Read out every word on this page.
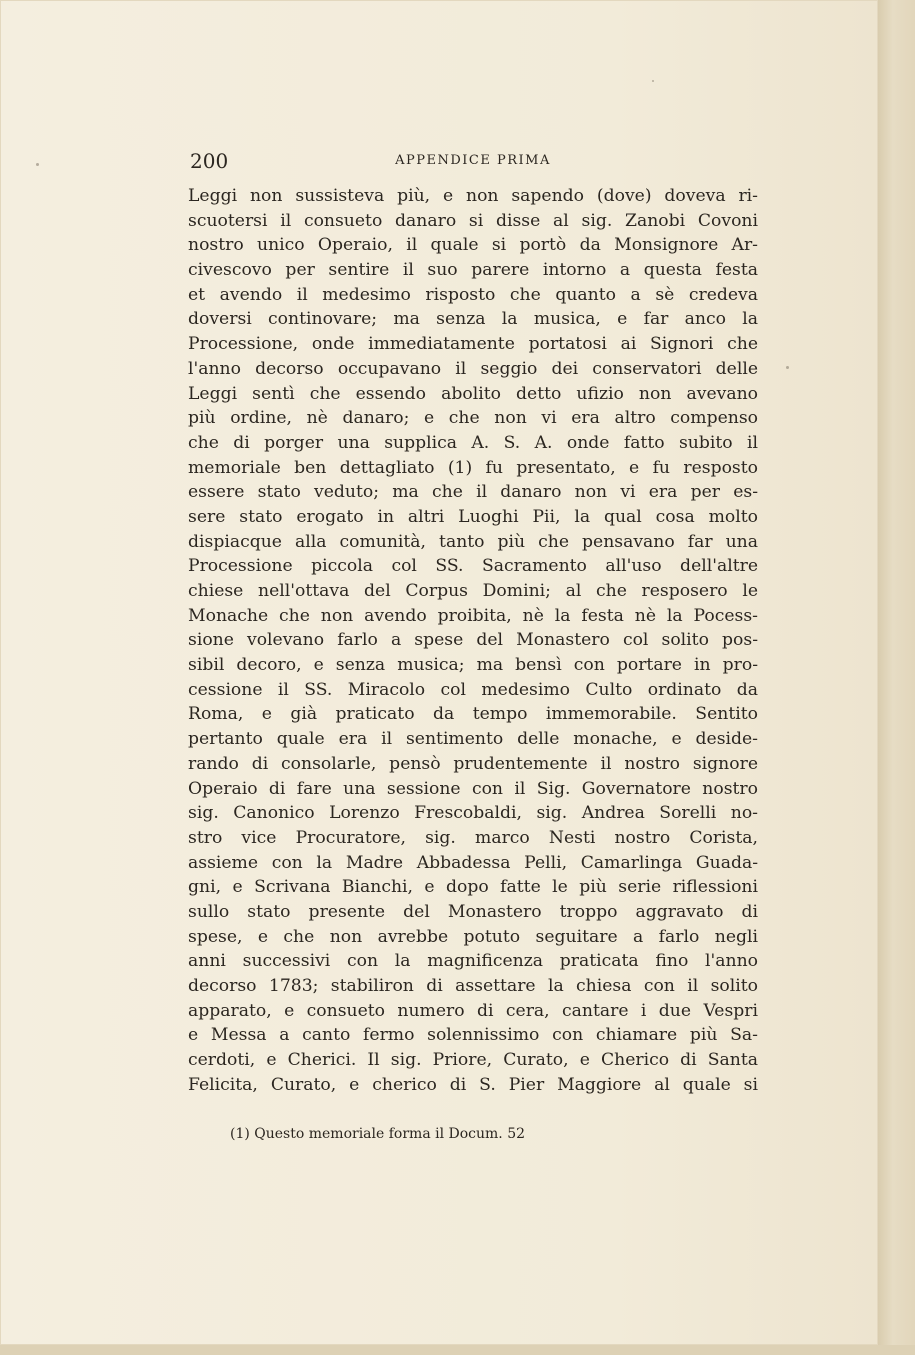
200	APPENDICE PRIMA
Leggi non sussisteva più, e non sapendo (dove) doveva ri-
scuotersi il consueto danaro si disse al sig. Zanobi Covoni
nostro unico Operaio, il quale si portò da Monsignore Ar-
civescovo per sentire il suo parere intorno a questa festa
et avendo il medesimo risposto che quanto a sè credeva
doversi continovare; ma senza la musica, e far anco la
Processione, onde immediatamente portatosi ai Signori che
l'anno decorso occupavano il seggio dei conservatori delle
Leggi sentì che essendo abolito detto ufizio non avevano
più ordine, nè danaro; e che non vi era altro compenso
che di porger una supplica A. S. A. onde fatto subito il
memoriale ben dettagliato (1) fu presentato, e fu resposto
essere stato veduto; ma che il danaro non vi era per es-
sere stato erogato in altri Luoghi Pii, la qual cosa molto
dispiacque alla comunità, tanto più che pensavano far una
Processione piccola col SS. Sacramento all'uso dell'altre
chiese nell'ottava del Corpus Domini; al che resposero le
Monache che non avendo proibita, nè la festa nè la Pocess-
sione volevano farlo a spese del Monastero col solito pos-
sibil decoro, e senza musica; ma bensì con portare in pro-
cessione il SS. Miracolo col medesimo Culto ordinato da
Roma, e già praticato da tempo immemorabile. Sentito
pertanto quale era il sentimento delle monache, e deside-
rando di consolarle, pensò prudentemente il nostro signore
Operaio di fare una sessione con il Sig. Governatore nostro
sig. Canonico Lorenzo Frescobaldi, sig. Andrea Sorelli no-
stro vice Procuratore, sig. marco Nesti nostro Corista,
assieme con la Madre Abbadessa Pelli, Camarlinga Guada-
gni, e Scrivana Bianchi, e dopo fatte le più serie riflessioni
sullo stato presente del Monastero troppo aggravato di
spese, e che non avrebbe potuto seguitare a farlo negli
anni successivi con la magnificenza praticata fino l'anno
decorso 1783; stabiliron di assettare la chiesa con il solito
apparato, e consueto numero di cera, cantare i due Vespri
e Messa a canto fermo solennissimo con chiamare più Sa-
cerdoti, e Cherici. Il sig. Priore, Curato, e Cherico di Santa
Felicita, Curato, e cherico di S. Pier Maggiore al quale si
(1) Questo memoriale forma il Docum. 52
